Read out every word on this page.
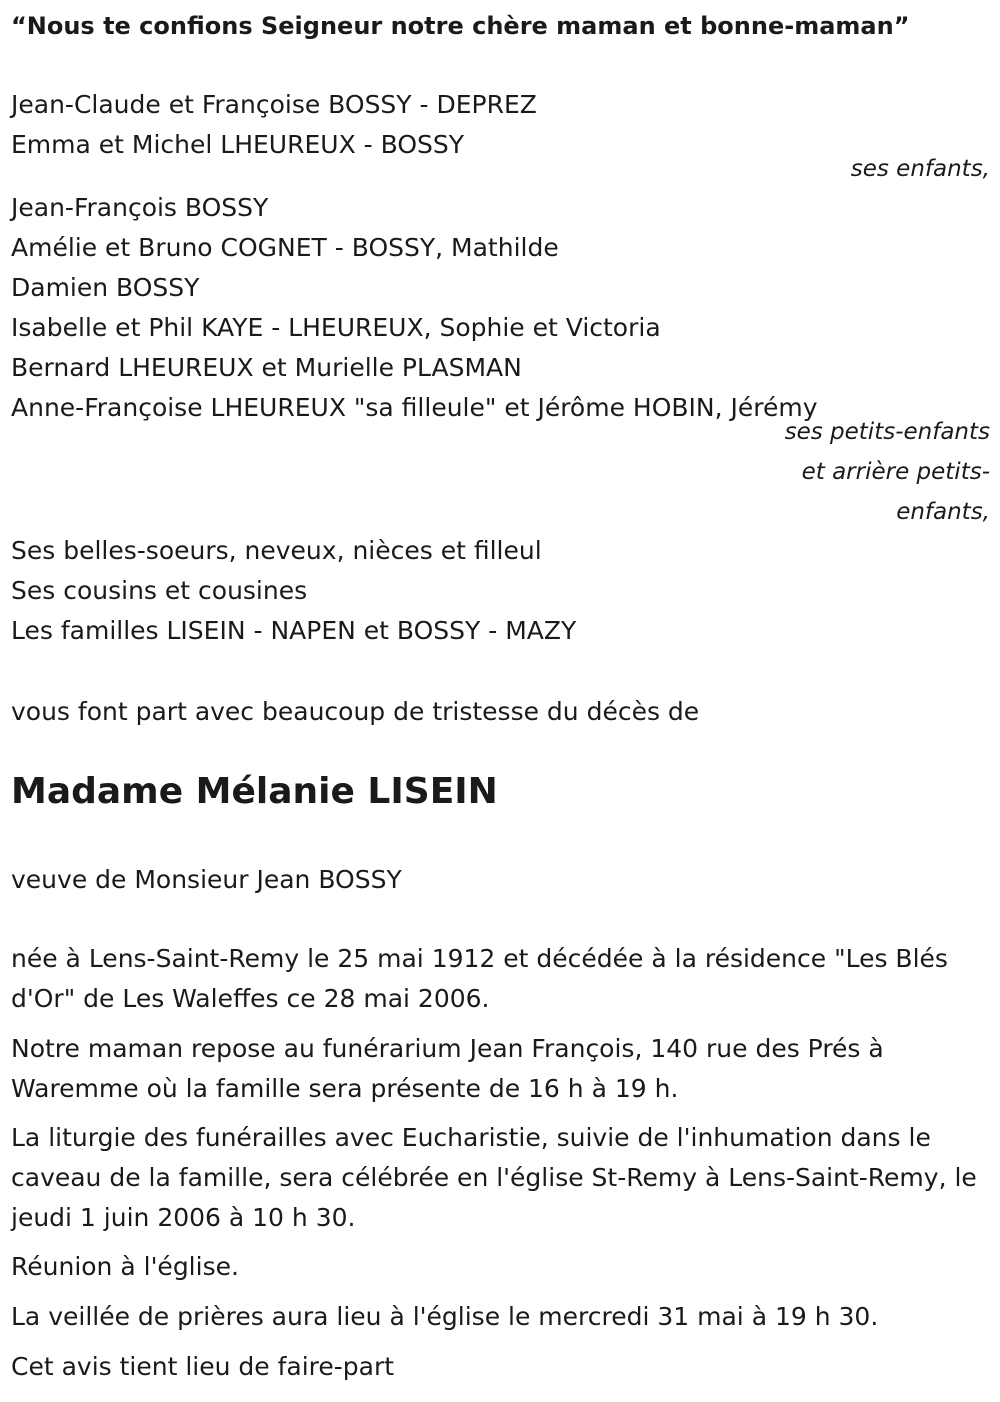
“Nous te confions Seigneur notre chère maman et bonne-maman”

Jean-Claude et Françoise BOSSY - DEPREZ

Emma et Michel LHEUREUX - BOSSY

ses enfants,

Jean-François BOSSY

Amélie et Bruno COGNET - BOSSY, Mathilde

Damien BOSSY

Isabelle et Phil KAYE - LHEUREUX, Sophie et Victoria

Bernard LHEUREUX et Murielle PLASMAN

Anne-Françoise LHEUREUX "sa filleule" et Jérôme HOBIN, Jérémy

ses petits-enfants

et arrière petits-

enfants,

Ses belles-soeurs, neveux, nièces et filleul

Ses cousins et cousines

Les familles LISEIN - NAPEN et BOSSY - MAZY

vous font part avec beaucoup de tristesse du décès de

Madame Mélanie LISEIN

veuve de Monsieur Jean BOSSY

née à Lens-Saint-Remy le 25 mai 1912 et décédée à la résidence "Les Blés d'Or" de Les Waleffes ce 28 mai 2006.

Notre maman repose au funérarium Jean François, 140 rue des Prés à Waremme où la famille sera présente de 16 h à 19 h.

La liturgie des funérailles avec Eucharistie, suivie de l'inhumation dans le caveau de la famille, sera célébrée en l'église St-Remy à Lens-Saint-Remy, le jeudi 1 juin 2006 à 10 h 30.

Réunion à l'église.

La veillée de prières aura lieu à l'église le mercredi 31 mai à 19 h 30.

Cet avis tient lieu de faire-part
